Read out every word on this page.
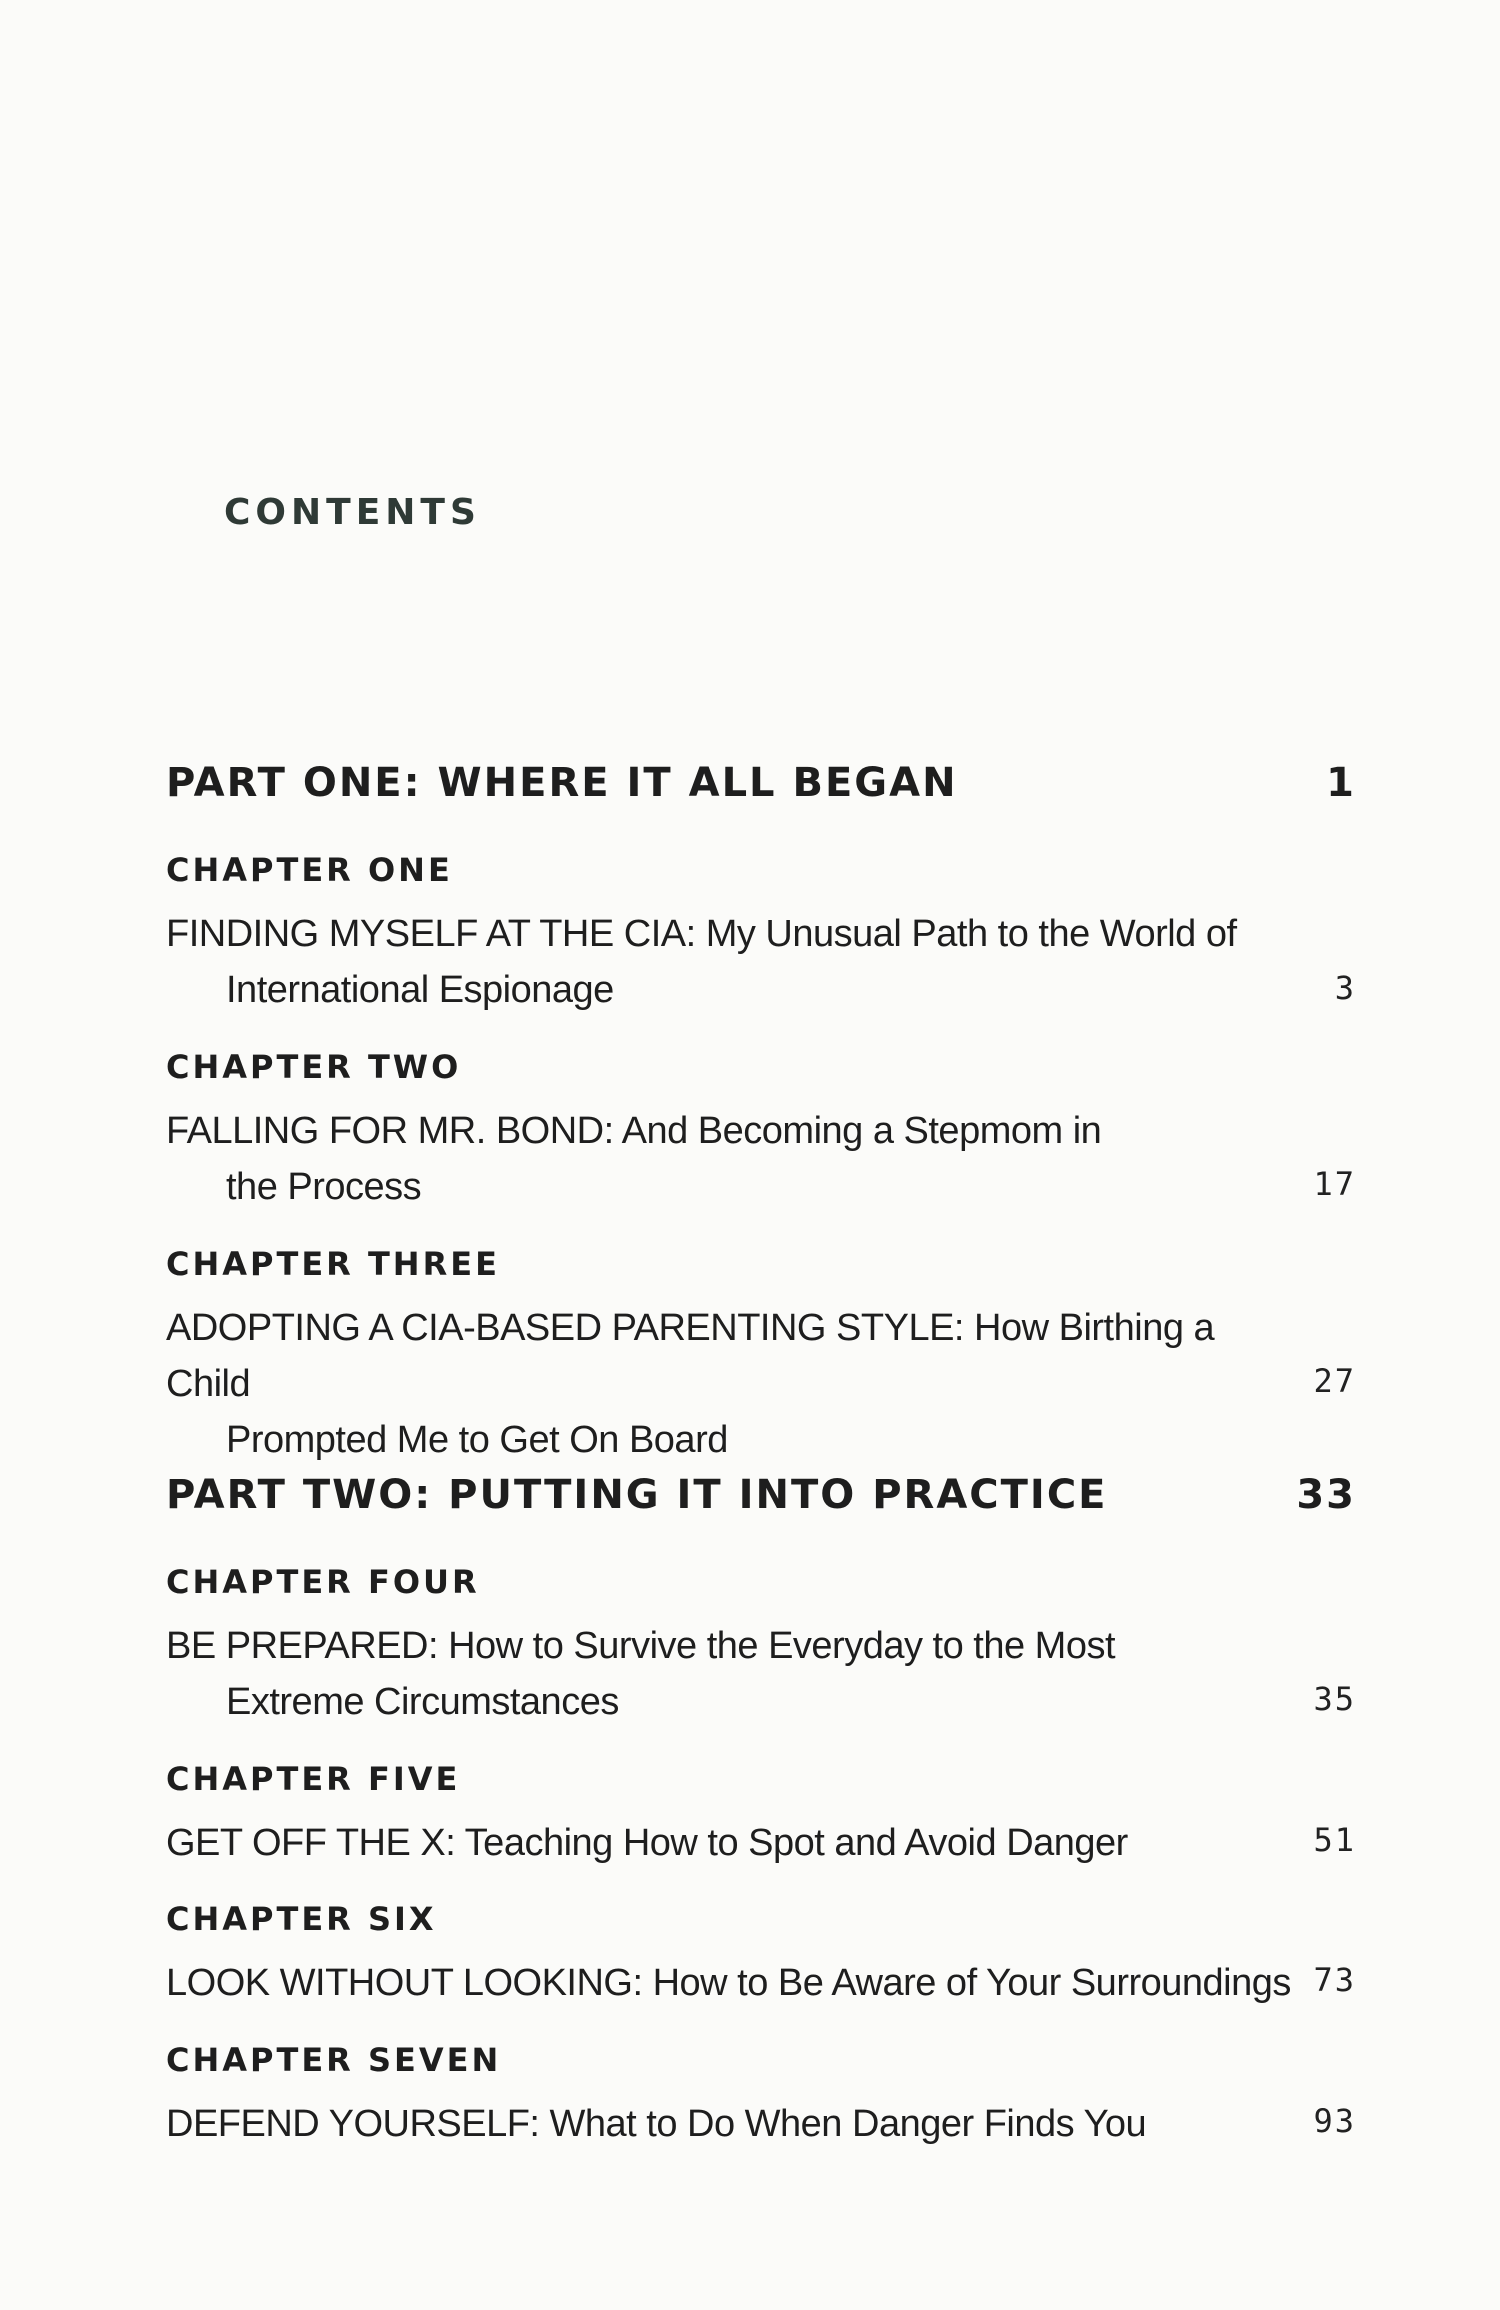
CONTENTS
PART ONE: WHERE IT ALL BEGAN	1
CHAPTER ONE
FINDING MYSELF AT THE CIA: My Unusual Path to the World of
International Espionage	3
CHAPTER TWO
FALLING FOR MR. BOND: And Becoming a Stepmom in
the Process	17
CHAPTER THREE
ADOPTING A CIA-BASED PARENTING STYLE: How Birthing a Child
Prompted Me to Get On Board
27
PART TWO: PUTTING IT INTO PRACTICE	33
CHAPTER FOUR
BE PREPARED: How to Survive the Everyday to the Most
Extreme Circumstances	35
CHAPTER FIVE
GET OFF THE X: Teaching How to Spot and Avoid Danger	51
CHAPTER SIX
LOOK WITHOUT LOOKING: How to Be Aware of Your Surroundings 73
CHAPTER SEVEN
DEFEND YOURSELF: What to Do When Danger Finds You	93
